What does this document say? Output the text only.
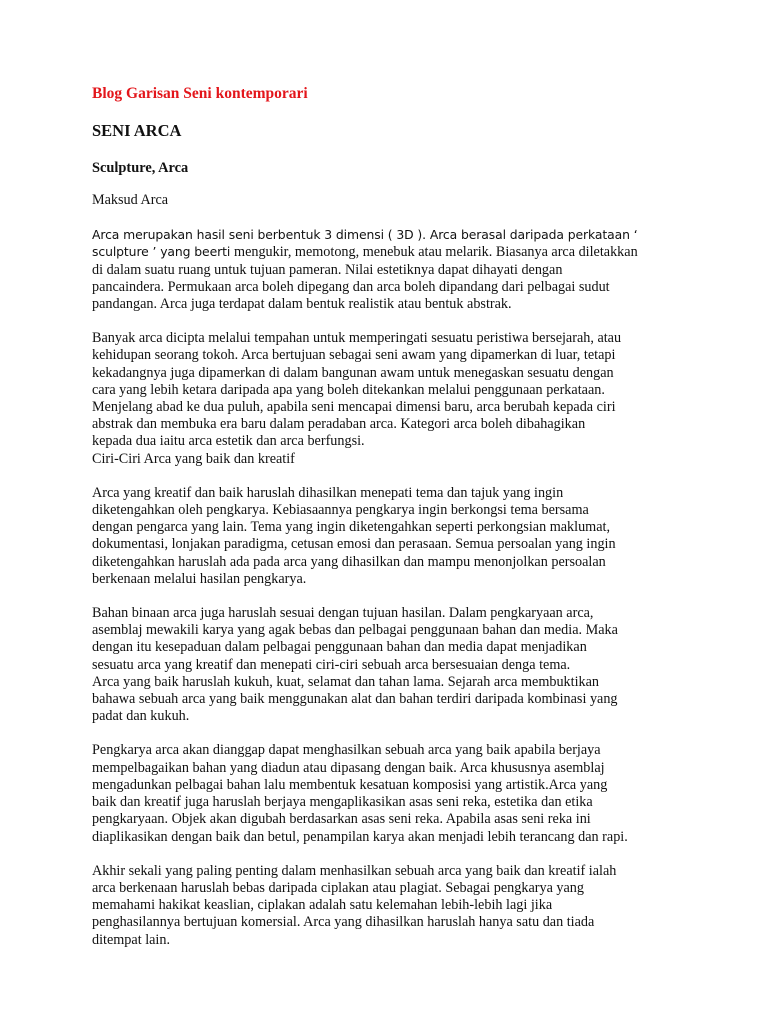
Blog Garisan Seni kontemporari
SENI ARCA
Sculpture, Arca
Maksud Arca
Arca merupakan hasil seni berbentuk 3 dimensi ( 3D ). Arca berasal daripada perkataan ‘
sculpture ’ yang beerti mengukir, memotong, menebuk atau melarik. Biasanya arca diletakkan
di dalam suatu ruang untuk tujuan pameran. Nilai estetiknya dapat dihayati dengan
pancaindera. Permukaan arca boleh dipegang dan arca boleh dipandang dari pelbagai sudut
pandangan. Arca juga terdapat dalam bentuk realistik atau bentuk abstrak.
Banyak arca dicipta melalui tempahan untuk memperingati sesuatu peristiwa bersejarah, atau
kehidupan seorang tokoh. Arca bertujuan sebagai seni awam yang dipamerkan di luar, tetapi
kekadangnya juga dipamerkan di dalam bangunan awam untuk menegaskan sesuatu dengan
cara yang lebih ketara daripada apa yang boleh ditekankan melalui penggunaan perkataan.
Menjelang abad ke dua puluh, apabila seni mencapai dimensi baru, arca berubah kepada ciri
abstrak dan membuka era baru dalam peradaban arca. Kategori arca boleh dibahagikan
kepada dua iaitu arca estetik dan arca berfungsi.
Ciri-Ciri Arca yang baik dan kreatif
Arca yang kreatif dan baik haruslah dihasilkan menepati tema dan tajuk yang ingin
diketengahkan oleh pengkarya. Kebiasaannya pengkarya ingin berkongsi tema bersama
dengan pengarca yang lain. Tema yang ingin diketengahkan seperti perkongsian maklumat,
dokumentasi, lonjakan paradigma, cetusan emosi dan perasaan. Semua persoalan yang ingin
diketengahkan haruslah ada pada arca yang dihasilkan dan mampu menonjolkan persoalan
berkenaan melalui hasilan pengkarya.
Bahan binaan arca juga haruslah sesuai dengan tujuan hasilan. Dalam pengkaryaan arca,
asemblaj mewakili karya yang agak bebas dan pelbagai penggunaan bahan dan media. Maka
dengan itu kesepaduan dalam pelbagai penggunaan bahan dan media dapat menjadikan
sesuatu arca yang kreatif dan menepati ciri-ciri sebuah arca bersesuaian denga tema.
Arca yang baik haruslah kukuh, kuat, selamat dan tahan lama. Sejarah arca membuktikan
bahawa sebuah arca yang baik menggunakan alat dan bahan terdiri daripada kombinasi yang
padat dan kukuh.
Pengkarya arca akan dianggap dapat menghasilkan sebuah arca yang baik apabila berjaya
mempelbagaikan bahan yang diadun atau dipasang dengan baik. Arca khususnya asemblaj
mengadunkan pelbagai bahan lalu membentuk kesatuan komposisi yang artistik.Arca yang
baik dan kreatif juga haruslah berjaya mengaplikasikan asas seni reka, estetika dan etika
pengkaryaan. Objek akan digubah berdasarkan asas seni reka. Apabila asas seni reka ini
diaplikasikan dengan baik dan betul, penampilan karya akan menjadi lebih terancang dan rapi.
Akhir sekali yang paling penting dalam menhasilkan sebuah arca yang baik dan kreatif ialah
arca berkenaan haruslah bebas daripada ciplakan atau plagiat. Sebagai pengkarya yang
memahami hakikat keaslian, ciplakan adalah satu kelemahan lebih-lebih lagi jika
penghasilannya bertujuan komersial. Arca yang dihasilkan haruslah hanya satu dan tiada
ditempat lain.
